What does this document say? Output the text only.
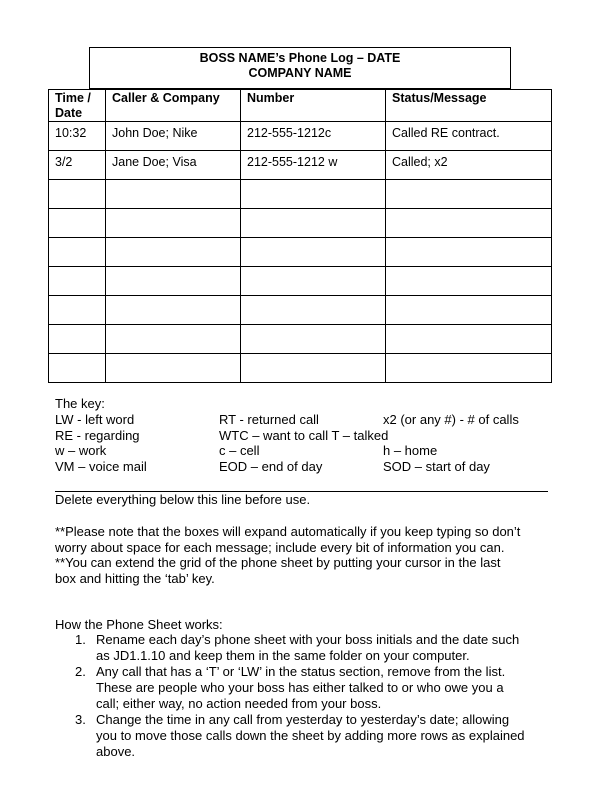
BOSS NAME’s Phone Log – DATE
COMPANY NAME
Time / Date	Caller & Company	Number	Status/Message
10:32	John Doe; Nike	212-555-1212c	Called RE contract.
3/2	Jane Doe; Visa	212-555-1212 w	Called; x2

The key:
LW - left word	RT - returned call	x2 (or any #) - # of calls
RE - regarding	WTC – want to call T – talked
w – work	c – cell	h – home
VM – voice mail	EOD – end of day	SOD – start of day
Delete everything below this line before use.
**Please note that the boxes will expand automatically if you keep typing so don’t
worry about space for each message; include every bit of information you can.
**You can extend the grid of the phone sheet by putting your cursor in the last
box and hitting the ‘tab’ key.
How the Phone Sheet works:
1. Rename each day’s phone sheet with your boss initials and the date such
as JD1.1.10 and keep them in the same folder on your computer.
2. Any call that has a ‘T’ or ‘LW’ in the status section, remove from the list.
These are people who your boss has either talked to or who owe you a
call; either way, no action needed from your boss.
3. Change the time in any call from yesterday to yesterday’s date; allowing
you to move those calls down the sheet by adding more rows as explained
above.
